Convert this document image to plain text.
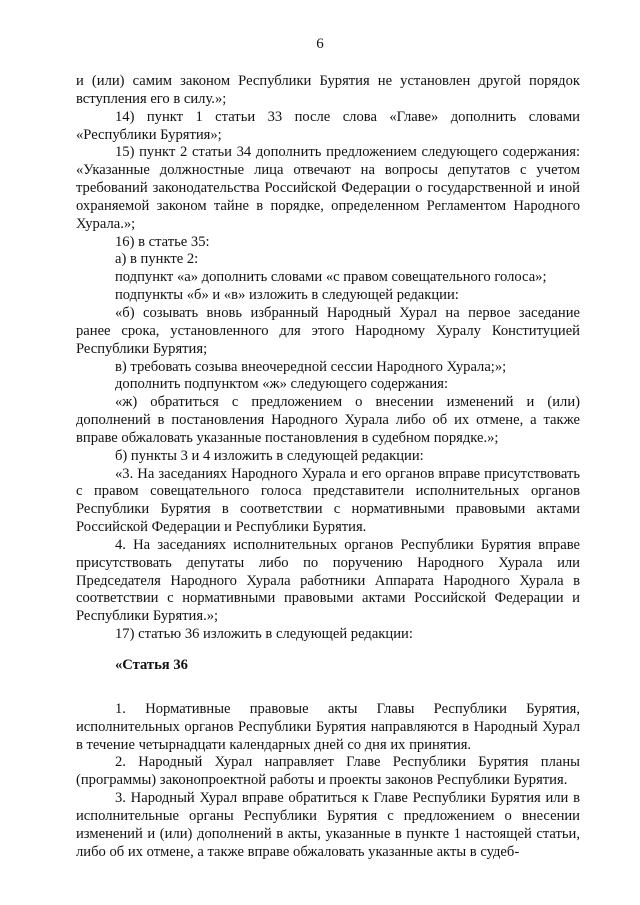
6

и (или) самим законом Республики Бурятия не установлен другой порядок вступления его в силу.»;

14) пункт 1 статьи 33 после слова «Главе» дополнить словами «Республики Бурятия»;

15) пункт 2 статьи 34 дополнить предложением следующего содержания: «Указанные должностные лица отвечают на вопросы депутатов с учетом требований законодательства Российской Федерации о государственной и иной охраняемой законом тайне в порядке, определенном Регламентом Народного Хурала.»;

16) в статье 35:

а) в пункте 2:

подпункт «а» дополнить словами «с правом совещательного голоса»;

подпункты «б» и «в» изложить в следующей редакции:

«б) созывать вновь избранный Народный Хурал на первое заседание ранее срока, установленного для этого Народному Хуралу Конституцией Республики Бурятия;

в) требовать созыва внеочередной сессии Народного Хурала;»;

дополнить подпунктом «ж» следующего содержания:

«ж) обратиться с предложением о внесении изменений и (или) дополнений в постановления Народного Хурала либо об их отмене, а также вправе обжаловать указанные постановления в судебном порядке.»;

б) пункты 3 и 4 изложить в следующей редакции:

«3. На заседаниях Народного Хурала и его органов вправе присутствовать с правом совещательного голоса представители исполнительных органов Республики Бурятия в соответствии с нормативными правовыми актами Российской Федерации и Республики Бурятия.

4. На заседаниях исполнительных органов Республики Бурятия вправе присутствовать депутаты либо по поручению Народного Хурала или Председателя Народного Хурала работники Аппарата Народного Хурала в соответствии с нормативными правовыми актами Российской Федерации и Республики Бурятия.»;

17) статью 36 изложить в следующей редакции:

«Статья 36

1. Нормативные правовые акты Главы Республики Бурятия, исполнительных органов Республики Бурятия направляются в Народный Хурал в течение четырнадцати календарных дней со дня их принятия.

2. Народный Хурал направляет Главе Республики Бурятия планы (программы) законопроектной работы и проекты законов Республики Бурятия.

3. Народный Хурал вправе обратиться к Главе Республики Бурятия или в исполнительные органы Республики Бурятия с предложением о внесении изменений и (или) дополнений в акты, указанные в пункте 1 настоящей статьи, либо об их отмене, а также вправе обжаловать указанные акты в судеб-
